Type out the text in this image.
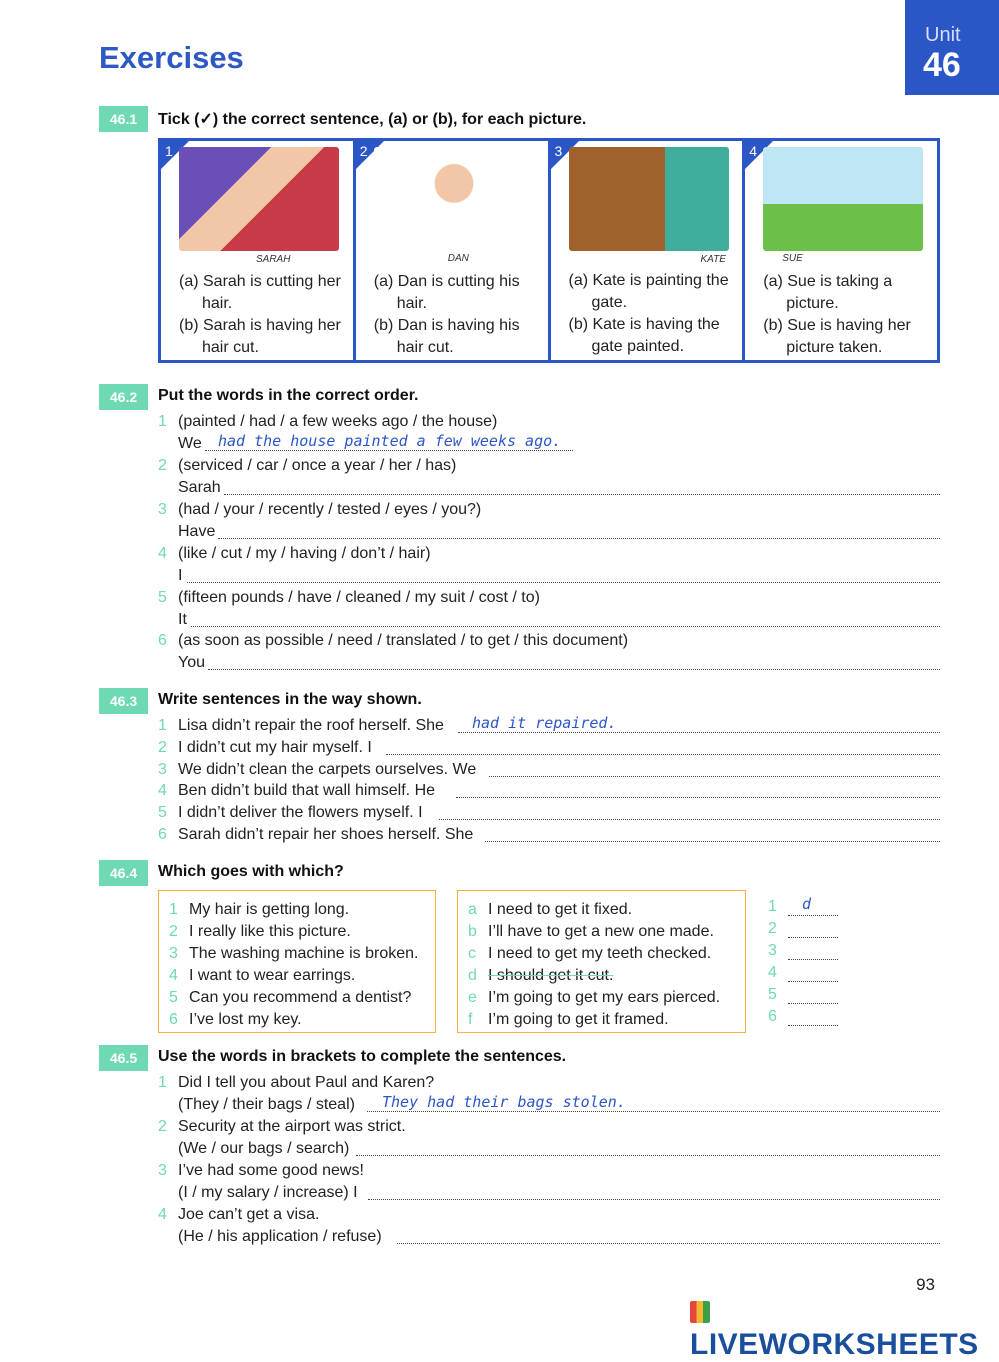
Exercises
Unit
46
46.1	Tick (✓) the correct sentence, (a) or (b), for each picture.
1
SARAH
(a) Sarah is cutting her hair.
(b) Sarah is having her hair cut.
2
DAN
(a) Dan is cutting his hair.
(b) Dan is having his hair cut.
3
KATE
(a) Kate is painting the gate.
(b) Kate is having the gate painted.
4
SUE
(a) Sue is taking a picture.
(b) Sue is having her picture taken.
46.2	Put the words in the correct order.
1 (painted / had / a few weeks ago / the house)
We had the house painted a few weeks ago.
2 (serviced / car / once a year / her / has)
Sarah
3 (had / your / recently / tested / eyes / you?)
Have
4 (like / cut / my / having / don’t / hair)
I
5 (fifteen pounds / have / cleaned / my suit / cost / to)
It
6 (as soon as possible / need / translated / to get / this document)
You
46.3	Write sentences in the way shown.
1 Lisa didn’t repair the roof herself. She had it repaired.
2 I didn’t cut my hair myself. I
3 We didn’t clean the carpets ourselves. We
4 Ben didn’t build that wall himself. He
5 I didn’t deliver the flowers myself. I
6 Sarah didn’t repair her shoes herself. She
46.4	Which goes with which?
1 My hair is getting long.
2 I really like this picture.
3 The washing machine is broken.
4 I want to wear earrings.
5 Can you recommend a dentist?
6 I’ve lost my key.
a I need to get it fixed.
b I’ll have to get a new one made.
c I need to get my teeth checked.
d I should get it cut.
e I’m going to get my ears pierced.
f I’m going to get it framed.
1	d
2
3
4
5
6
46.5	Use the words in brackets to complete the sentences.
1 Did I tell you about Paul and Karen?
(They / their bags / steal) They had their bags stolen.
2 Security at the airport was strict.
(We / our bags / search)
3 I’ve had some good news!
(I / my salary / increase) I
4 Joe can’t get a visa.
(He / his application / refuse)
93
LIVEWORKSHEETS
